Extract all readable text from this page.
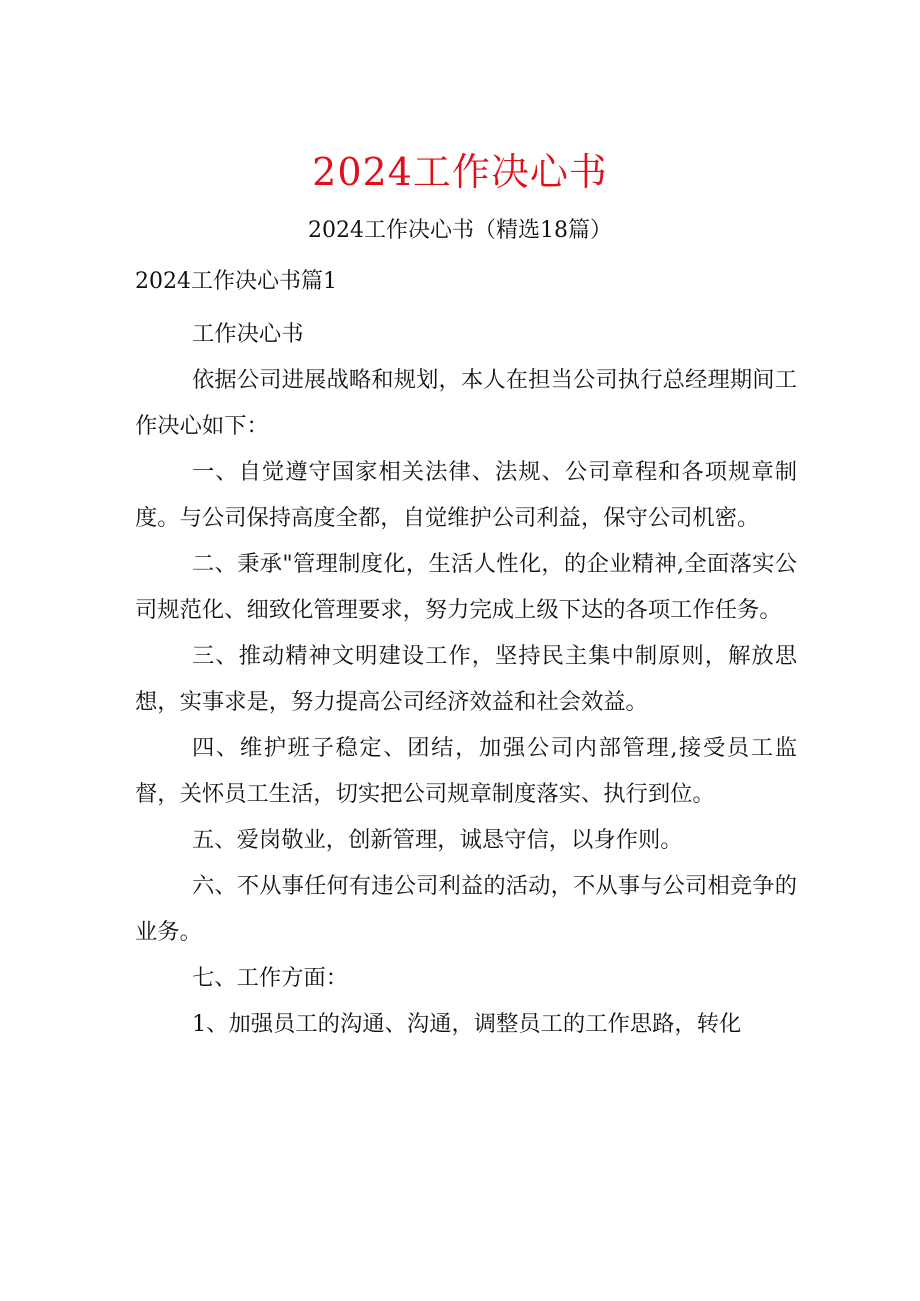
2024工作决心书
2024工作决心书（精选18篇）
2024工作决心书篇1

工作决心书

依据公司进展战略和规划，本人在担当公司执行总经理期间工作决心如下：

一、自觉遵守国家相关法律、法规、公司章程和各项规章制度。与公司保持高度全都，自觉维护公司利益，保守公司机密。

二、秉承"管理制度化，生活人性化，的企业精神,全面落实公司规范化、细致化管理要求，努力完成上级下达的各项工作任务。

三、推动精神文明建设工作，坚持民主集中制原则，解放思想，实事求是，努力提高公司经济效益和社会效益。

四、维护班子稳定、团结，加强公司内部管理,接受员工监督，关怀员工生活，切实把公司规章制度落实、执行到位。

五、爱岗敬业，创新管理，诚恳守信，以身作则。

六、不从事任何有违公司利益的活动，不从事与公司相竞争的业务。

七、工作方面：

1、加强员工的沟通、沟通，调整员工的工作思路，转化
